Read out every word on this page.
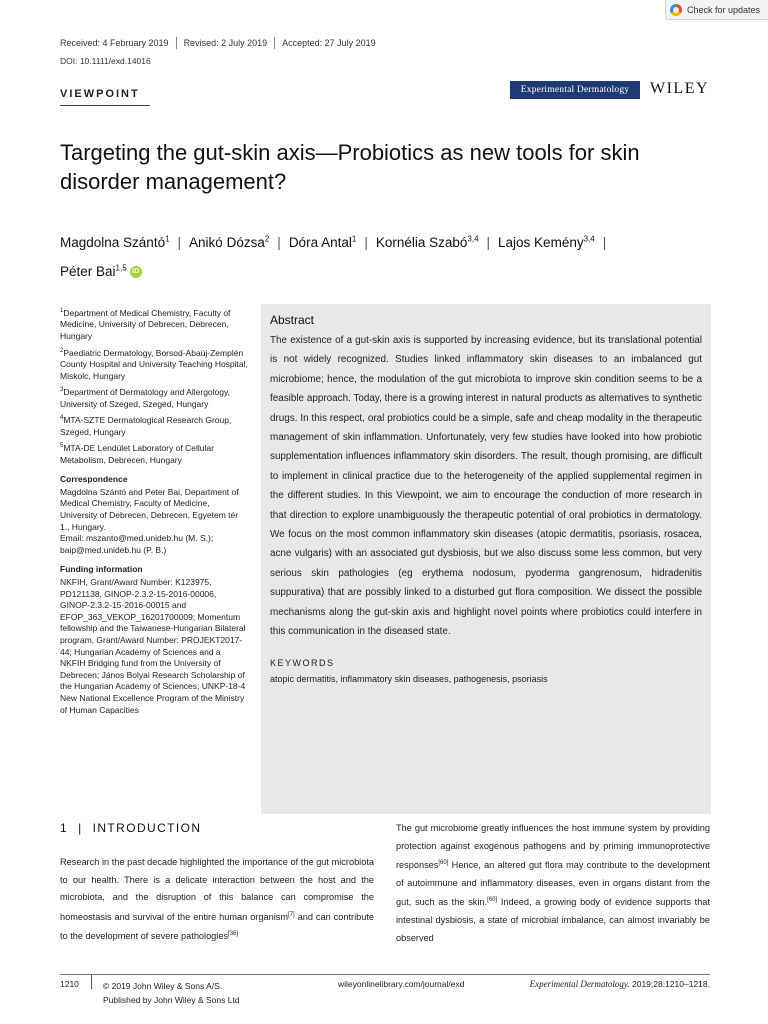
Check for updates
Received: 4 February 2019 Revised: 2 July 2019 Accepted: 27 July 2019
DOI: 10.1111/exd.14016
VIEWPOINT	Experimental Dermatology	WILEY
Targeting the gut-skin axis—Probiotics as new tools for skin disorder management?
Magdolna Szántó$^1$ | Anikó Dózsa$^2$ | Dóra Antal$^1$ | Kornélia Szabó$^{3,4}$ | Lajos Kemény$^{3,4}$ |
Péter Bai$^{1,5}$ iD
$^1$Department of Medical Chemistry, Faculty of Medicine, University of Debrecen, Debrecen, Hungary
$^2$Paediatric Dermatology, Borsod-Abaúj-Zemplén County Hospital and University Teaching Hospital, Miskolc, Hungary
$^3$Department of Dermatology and Allergology, University of Szeged, Szeged, Hungary
$^4$MTA-SZTE Dermatological Research Group, Szeged, Hungary
$^5$MTA-DE Lendület Laboratory of Cellular Metabolism, Debrecen, Hungary
Correspondence
Magdolna Szántó and Peter Bai, Department of Medical Chemistry, Faculty of Medicine, University of Debrecen, Debrecen, Egyetem tér 1., Hungary.
Email: mszanto@med.unideb.hu (M. S.); baip@med.unideb.hu (P. B.)
Funding information
NKFIH, Grant/Award Number: K123975, PD121138, GINOP-2.3.2-15-2016-00006, GINOP-2.3.2-15-2016-00015 and EFOP_363_VEKOP_16201700009; Momentum fellowship and the Taiwanese-Hungarian Bilateral program, Grant/Award Number: PROJEKT2017-44; Hungarian Academy of Sciences and a NKFIH Bridging fund from the University of Debrecen; János Bolyai Research Scholarship of the Hungarian Academy of Sciences; UNKP-18-4 New National Excellence Program of the Ministry of Human Capacities
Abstract

The existence of a gut-skin axis is supported by increasing evidence, but its translational potential is not widely recognized. Studies linked inflammatory skin diseases to an imbalanced gut microbiome; hence, the modulation of the gut microbiota to improve skin condition seems to be a feasible approach. Today, there is a growing interest in natural products as alternatives to synthetic drugs. In this respect, oral probiotics could be a simple, safe and cheap modality in the therapeutic management of skin inflammation. Unfortunately, very few studies have looked into how probiotic supplementation influences inflammatory skin disorders. The result, though promising, are difficult to implement in clinical practice due to the heterogeneity of the applied supplemental regimen in the different studies. In this Viewpoint, we aim to encourage the conduction of more research in that direction to explore unambiguously the therapeutic potential of oral probiotics in dermatology. We focus on the most common inflammatory skin diseases (atopic dermatitis, psoriasis, rosacea, acne vulgaris) with an associated gut dysbiosis, but we also discuss some less common, but very serious skin pathologies (eg erythema nodosum, pyoderma gangrenosum, hidradenitis suppurativa) that are possibly linked to a disturbed gut flora composition. We dissect the possible mechanisms along the gut-skin axis and highlight novel points where probiotics could interfere in this communication in the diseased state.

KEYWORDS
atopic dermatitis, inflammatory skin diseases, pathogenesis, psoriasis
1 | INTRODUCTION

Research in the past decade highlighted the importance of the gut microbiota to our health. There is a delicate interaction between the host and the microbiota, and the disruption of this balance can compromise the homeostasis and survival of the entire human organism[7] and can contribute to the development of severe pathologies[36]

The gut microbiome greatly influences the host immune system by providing protection against exogenous pathogens and by priming immunoprotective responses[60] Hence, an altered gut flora may contribute to the development of autoimmune and inflammatory diseases, even in organs distant from the gut, such as the skin.[60] Indeed, a growing body of evidence supports that intestinal dysbiosis, a state of microbial imbalance, can almost invariably be observed

1210	© 2019 John Wiley & Sons A/S.
Published by John Wiley & Sons Ltd
wileyonlinelibrary.com/journal/exd	Experimental Dermatology. 2019;28:1210–1218.
